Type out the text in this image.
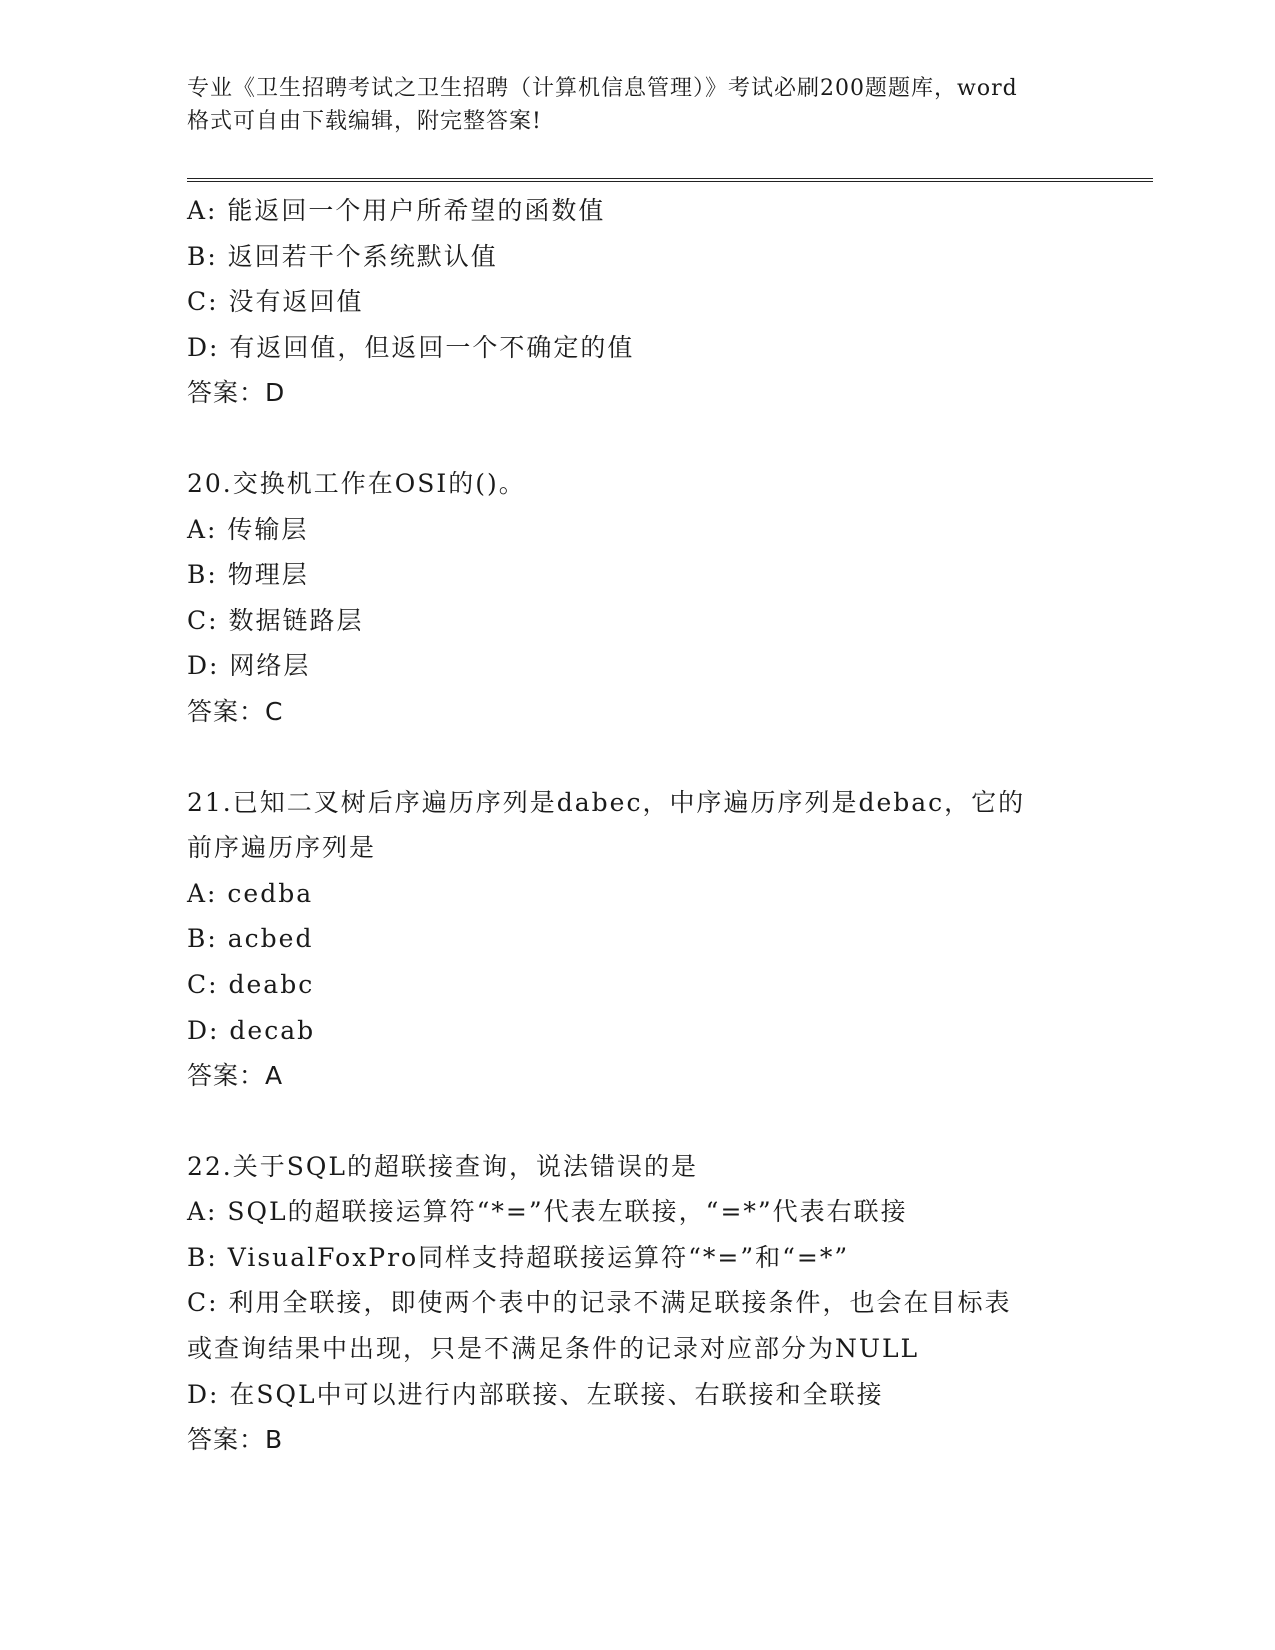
专业《卫生招聘考试之卫生招聘（计算机信息管理）》考试必刷200题题库，word
格式可自由下载编辑，附完整答案!
A: 能返回一个用户所希望的函数值
B: 返回若干个系统默认值
C: 没有返回值
D: 有返回值，但返回一个不确定的值
答案：D
20.交换机工作在OSI的()。
A: 传输层
B: 物理层
C: 数据链路层
D: 网络层
答案：C
21.已知二叉树后序遍历序列是dabec，中序遍历序列是debac，它的
前序遍历序列是
A: cedba
B: acbed
C: deabc
D: decab
答案：A
22.关于SQL的超联接查询，说法错误的是
A: SQL的超联接运算符“*=”代表左联接，“=*”代表右联接
B: VisualFoxPro同样支持超联接运算符“*=”和“=*”
C: 利用全联接，即使两个表中的记录不满足联接条件，也会在目标表
或查询结果中出现，只是不满足条件的记录对应部分为NULL
D: 在SQL中可以进行内部联接、左联接、右联接和全联接
答案：B
